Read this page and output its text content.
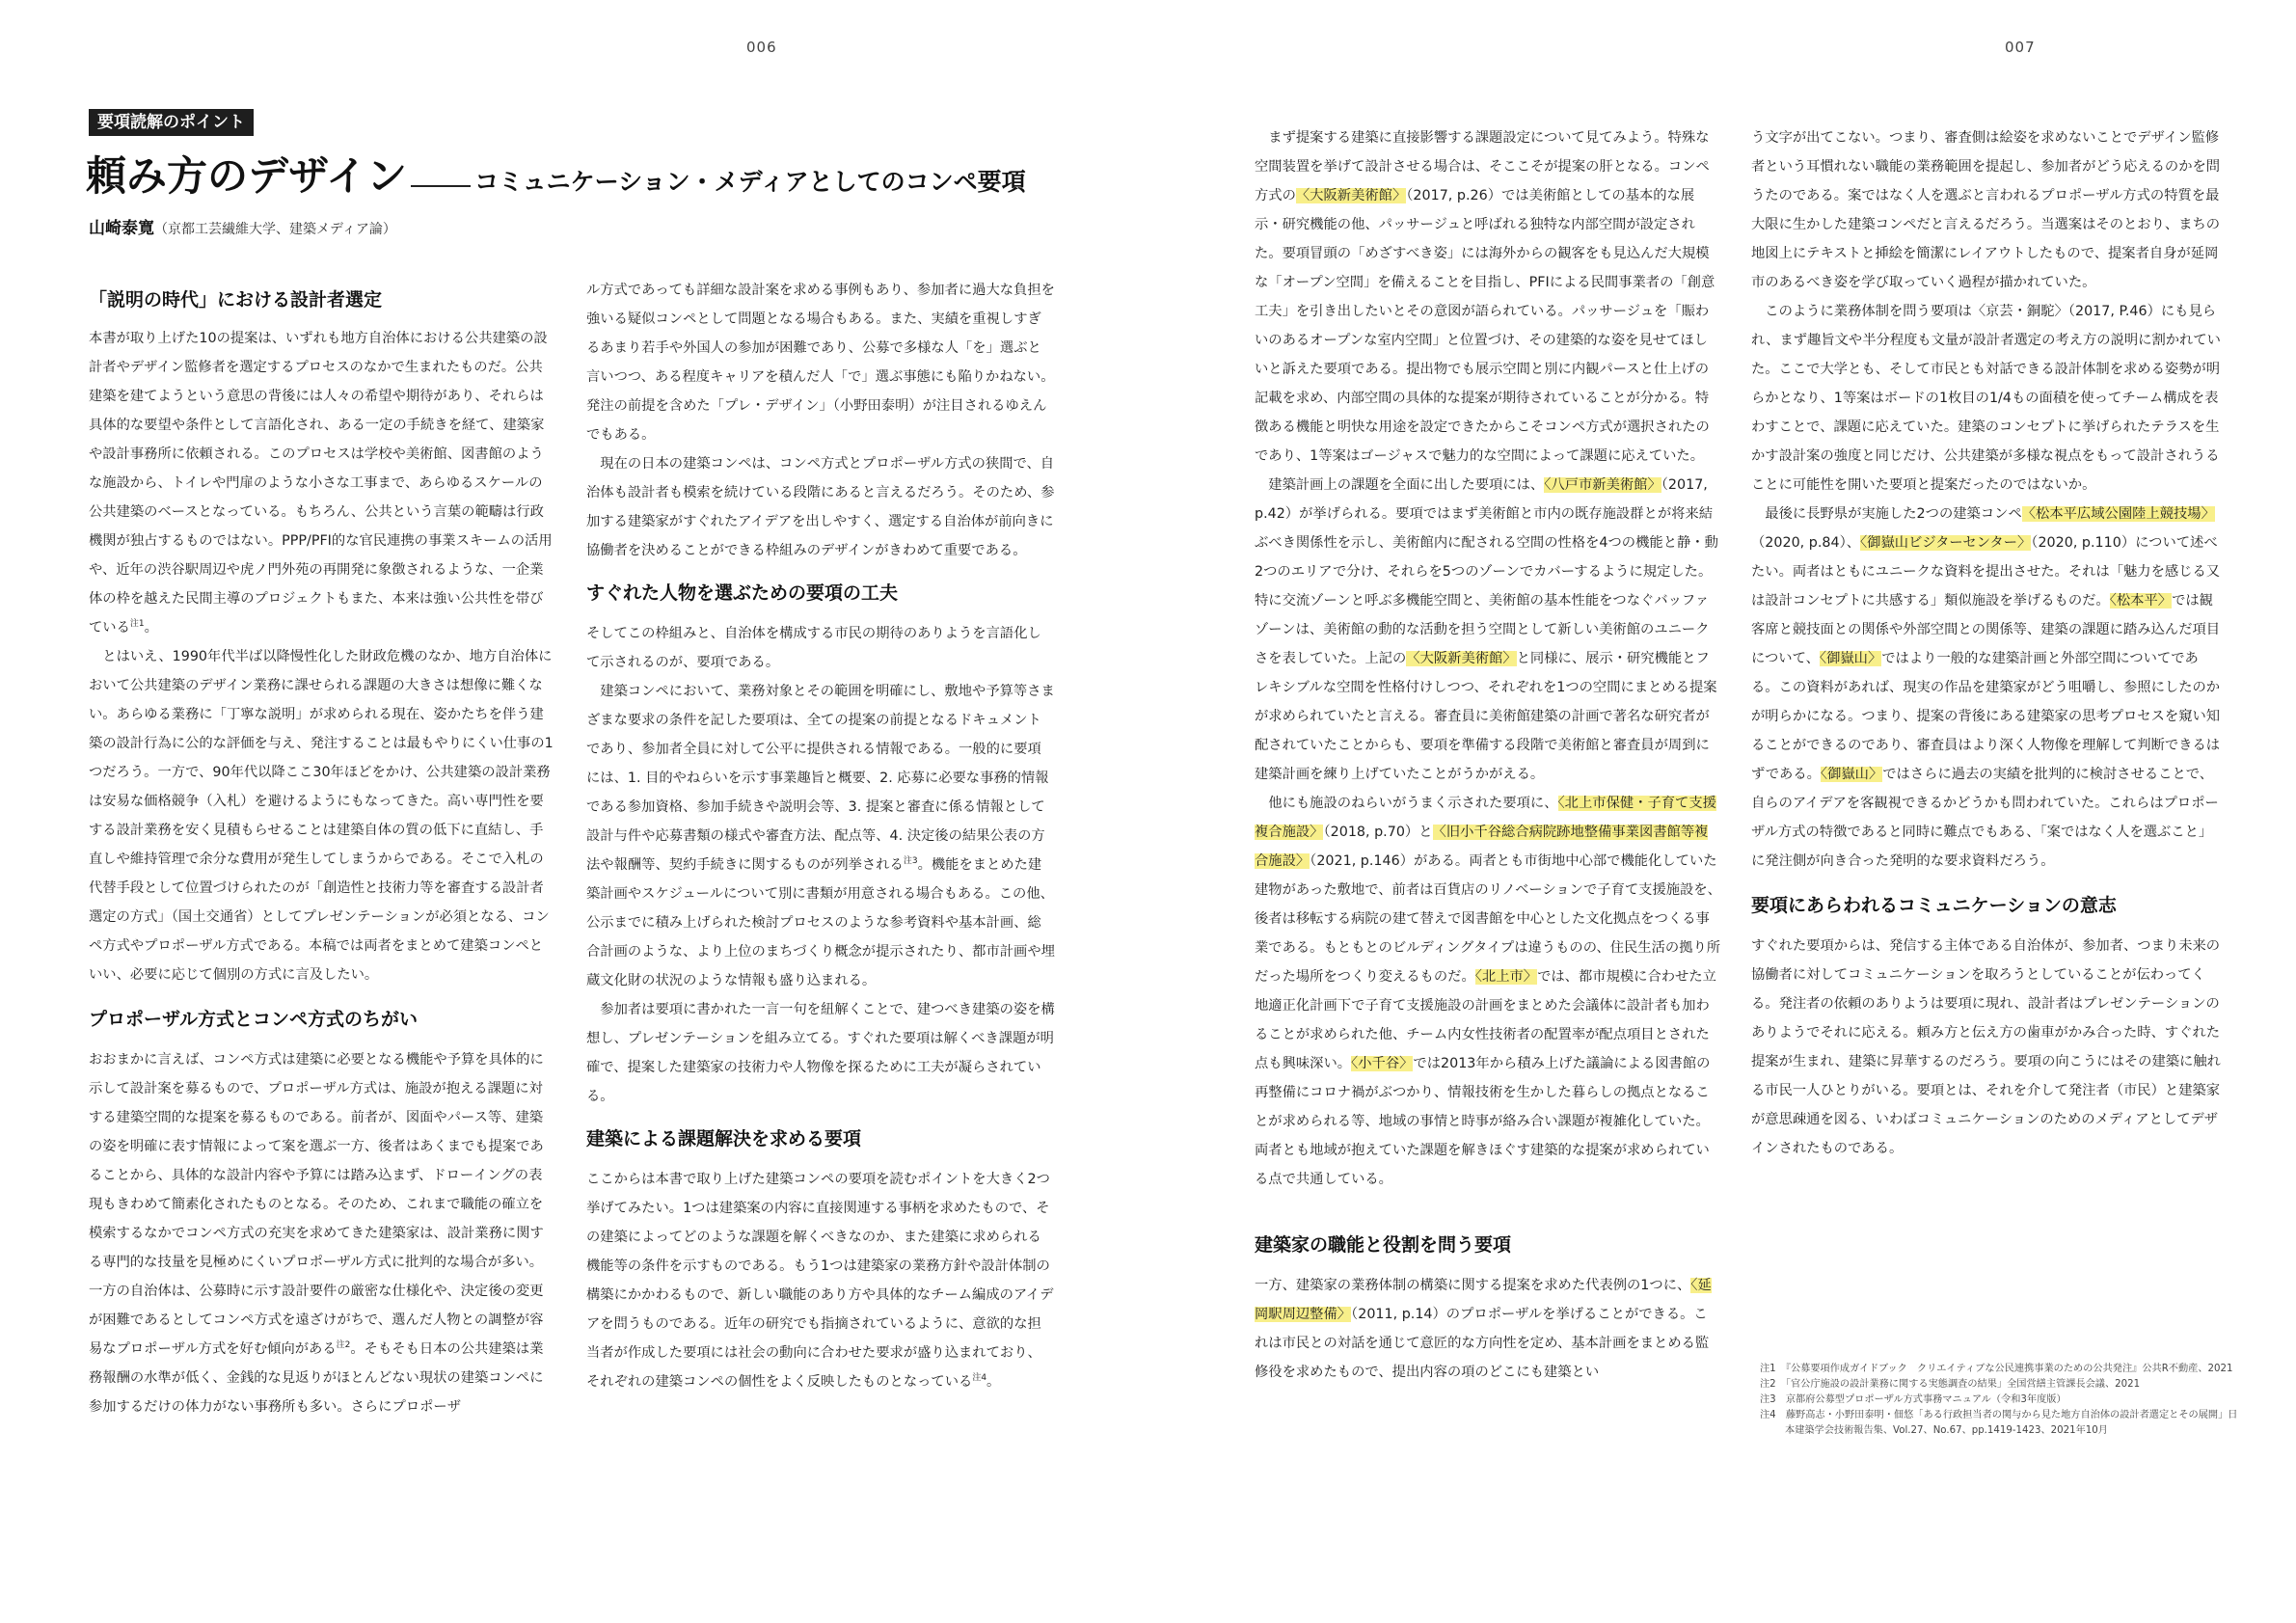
006
要項読解のポイント
頼み方のデザイン	コミュニケーション・メディアとしてのコンペ要項
山崎泰寛（京都工芸繊維大学、建築メディア論）
「説明の時代」における設計者選定

本書が取り上げた10の提案は、いずれも地方自治体における公共建築の設計者やデザイン監修者を選定するプロセスのなかで生まれたものだ。公共建築を建てようという意思の背後には人々の希望や期待があり、それらは具体的な要望や条件として言語化され、ある一定の手続きを経て、建築家や設計事務所に依頼される。このプロセスは学校や美術館、図書館のような施設から、トイレや門扉のような小さな工事まで、あらゆるスケールの公共建築のベースとなっている。もちろん、公共という言葉の範疇は行政機関が独占するものではない。PPP/PFI的な官民連携の事業スキームの活用や、近年の渋谷駅周辺や虎ノ門外苑の再開発に象徴されるような、一企業体の枠を越えた民間主導のプロジェクトもまた、本来は強い公共性を帯びている$^{注1}$。

とはいえ、1990年代半ば以降慢性化した財政危機のなか、地方自治体において公共建築のデザイン業務に課せられる課題の大きさは想像に難くない。あらゆる業務に「丁寧な説明」が求められる現在、姿かたちを伴う建築の設計行為に公的な評価を与え、発注することは最もやりにくい仕事の1つだろう。一方で、90年代以降ここ30年ほどをかけ、公共建築の設計業務は安易な価格競争（入札）を避けるようにもなってきた。高い専門性を要する設計業務を安く見積もらせることは建築自体の質の低下に直結し、手直しや維持管理で余分な費用が発生してしまうからである。そこで入札の代替手段として位置づけられたのが「創造性と技術力等を審査する設計者選定の方式」（国土交通省）としてプレゼンテーションが必須となる、コンペ方式やプロポーザル方式である。本稿では両者をまとめて建築コンペといい、必要に応じて個別の方式に言及したい。

プロポーザル方式とコンペ方式のちがい

おおまかに言えば、コンペ方式は建築に必要となる機能や予算を具体的に示して設計案を募るもので、プロポーザル方式は、施設が抱える課題に対する建築空間的な提案を募るものである。前者が、図面やパース等、建築の姿を明確に表す情報によって案を選ぶ一方、後者はあくまでも提案であることから、具体的な設計内容や予算には踏み込まず、ドローイングの表現もきわめて簡素化されたものとなる。そのため、これまで職能の確立を模索するなかでコンペ方式の充実を求めてきた建築家は、設計業務に関する専門的な技量を見極めにくいプロポーザル方式に批判的な場合が多い。一方の自治体は、公募時に示す設計要件の厳密な仕様化や、決定後の変更が困難であるとしてコンペ方式を遠ざけがちで、選んだ人物との調整が容易なプロポーザル方式を好む傾向がある$^{注2}$。そもそも日本の公共建築は業務報酬の水準が低く、金銭的な見返りがほとんどない現状の建築コンペに参加するだけの体力がない事務所も多い。さらにプロポーザ

ル方式であっても詳細な設計案を求める事例もあり、参加者に過大な負担を強いる疑似コンペとして問題となる場合もある。また、実績を重視しすぎるあまり若手や外国人の参加が困難であり、公募で多様な人「を」選ぶと言いつつ、ある程度キャリアを積んだ人「で」選ぶ事態にも陥りかねない。発注の前提を含めた「プレ・デザイン」（小野田泰明）が注目されるゆえんでもある。

現在の日本の建築コンペは、コンペ方式とプロポーザル方式の狭間で、自治体も設計者も模索を続けている段階にあると言えるだろう。そのため、参加する建築家がすぐれたアイデアを出しやすく、選定する自治体が前向きに協働者を決めることができる枠組みのデザインがきわめて重要である。

すぐれた人物を選ぶための要項の工夫

そしてこの枠組みと、自治体を構成する市民の期待のありようを言語化して示されるのが、要項である。

建築コンペにおいて、業務対象とその範囲を明確にし、敷地や予算等さまざまな要求の条件を記した要項は、全ての提案の前提となるドキュメントであり、参加者全員に対して公平に提供される情報である。一般的に要項には、1. 目的やねらいを示す事業趣旨と概要、2. 応募に必要な事務的情報である参加資格、参加手続きや説明会等、3. 提案と審査に係る情報として設計与件や応募書類の様式や審査方法、配点等、4. 決定後の結果公表の方法や報酬等、契約手続きに関するものが列挙される$^{注3}$。機能をまとめた建築計画やスケジュールについて別に書類が用意される場合もある。この他、公示までに積み上げられた検討プロセスのような参考資料や基本計画、総合計画のような、より上位のまちづくり概念が提示されたり、都市計画や埋蔵文化財の状況のような情報も盛り込まれる。

参加者は要項に書かれた一言一句を紐解くことで、建つべき建築の姿を構想し、プレゼンテーションを組み立てる。すぐれた要項は解くべき課題が明確で、提案した建築家の技術力や人物像を探るために工夫が凝らされている。

建築による課題解決を求める要項

ここからは本書で取り上げた建築コンペの要項を読むポイントを大きく2つ挙げてみたい。1つは建築案の内容に直接関連する事柄を求めたもので、その建築によってどのような課題を解くべきなのか、また建築に求められる機能等の条件を示すものである。もう1つは建築家の業務方針や設計体制の構築にかかわるもので、新しい職能のあり方や具体的なチーム編成のアイデアを問うものである。近年の研究でも指摘されているように、意欲的な担当者が作成した要項には社会の動向に合わせた要求が盛り込まれており、それぞれの建築コンペの個性をよく反映したものとなっている$^{注4}$。

007

まず提案する建築に直接影響する課題設定について見てみよう。特殊な空間装置を挙げて設計させる場合は、そここそが提案の肝となる。コンペ方式の〈大阪新美術館〉（2017, p.26）では美術館としての基本的な展示・研究機能の他、パッサージュと呼ばれる独特な内部空間が設定された。要項冒頭の「めざすべき姿」には海外からの観客をも見込んだ大規模な「オープン空間」を備えることを目指し、PFIによる民間事業者の「創意工夫」を引き出したいとその意図が語られている。パッサージュを「賑わいのあるオープンな室内空間」と位置づけ、その建築的な姿を見せてほしいと訴えた要項である。提出物でも展示空間と別に内観パースと仕上げの記載を求め、内部空間の具体的な提案が期待されていることが分かる。特徴ある機能と明快な用途を設定できたからこそコンペ方式が選択されたのであり、1等案はゴージャスで魅力的な空間によって課題に応えていた。

建築計画上の課題を全面に出した要項には、〈八戸市新美術館〉（2017, p.42）が挙げられる。要項ではまず美術館と市内の既存施設群とが将来結ぶべき関係性を示し、美術館内に配される空間の性格を4つの機能と静・動2つのエリアで分け、それらを5つのゾーンでカバーするように規定した。特に交流ゾーンと呼ぶ多機能空間と、美術館の基本性能をつなぐバッファゾーンは、美術館の動的な活動を担う空間として新しい美術館のユニークさを表していた。上記の〈大阪新美術館〉と同様に、展示・研究機能とフレキシブルな空間を性格付けしつつ、それぞれを1つの空間にまとめる提案が求められていたと言える。審査員に美術館建築の計画で著名な研究者が配されていたことからも、要項を準備する段階で美術館と審査員が周到に建築計画を練り上げていたことがうかがえる。

他にも施設のねらいがうまく示された要項に、〈北上市保健・子育て支援複合施設〉（2018, p.70）と〈旧小千谷総合病院跡地整備事業図書館等複合施設〉（2021, p.146）がある。両者とも市街地中心部で機能化していた建物があった敷地で、前者は百貨店のリノベーションで子育て支援施設を、後者は移転する病院の建て替えで図書館を中心とした文化拠点をつくる事業である。もともとのビルディングタイプは違うものの、住民生活の拠り所だった場所をつくり変えるものだ。〈北上市〉では、都市規模に合わせた立地適正化計画下で子育て支援施設の計画をまとめた会議体に設計者も加わることが求められた他、チーム内女性技術者の配置率が配点項目とされた点も興味深い。〈小千谷〉では2013年から積み上げた議論による図書館の再整備にコロナ禍がぶつかり、情報技術を生かした暮らしの拠点となることが求められる等、地域の事情と時事が絡み合い課題が複雑化していた。両者とも地域が抱えていた課題を解きほぐす建築的な提案が求められている点で共通している。

建築家の職能と役割を問う要項

一方、建築家の業務体制の構築に関する提案を求めた代表例の1つに、〈延岡駅周辺整備〉（2011, p.14）のプロポーザルを挙げることができる。これは市民との対話を通じて意匠的な方向性を定め、基本計画をまとめる監修役を求めたもので、提出内容の項のどこにも建築とい

う文字が出てこない。つまり、審査側は絵姿を求めないことでデザイン監修者という耳慣れない職能の業務範囲を提起し、参加者がどう応えるのかを問うたのである。案ではなく人を選ぶと言われるプロポーザル方式の特質を最大限に生かした建築コンペだと言えるだろう。当選案はそのとおり、まちの地図上にテキストと挿絵を簡潔にレイアウトしたもので、提案者自身が延岡市のあるべき姿を学び取っていく過程が描かれていた。

このように業務体制を問う要項は〈京芸・銅駝〉（2017, P.46）にも見られ、まず趣旨文や半分程度も文量が設計者選定の考え方の説明に割かれていた。ここで大学とも、そして市民とも対話できる設計体制を求める姿勢が明らかとなり、1等案はボードの1枚目の1/4もの面積を使ってチーム構成を表わすことで、課題に応えていた。建築のコンセプトに挙げられたテラスを生かす設計案の強度と同じだけ、公共建築が多様な視点をもって設計されうることに可能性を開いた要項と提案だったのではないか。

最後に長野県が実施した2つの建築コンペ〈松本平広域公園陸上競技場〉（2020, p.84）、〈御嶽山ビジターセンター〉（2020, p.110）について述べたい。両者はともにユニークな資料を提出させた。それは「魅力を感じる又は設計コンセプトに共感する」類似施設を挙げるものだ。〈松本平〉では観客席と競技面との関係や外部空間との関係等、建築の課題に踏み込んだ項目について、〈御嶽山〉ではより一般的な建築計画と外部空間についてである。この資料があれば、現実の作品を建築家がどう咀嚼し、参照にしたのかが明らかになる。つまり、提案の背後にある建築家の思考プロセスを窺い知ることができるのであり、審査員はより深く人物像を理解して判断できるはずである。〈御嶽山〉ではさらに過去の実績を批判的に検討させることで、自らのアイデアを客観視できるかどうかも問われていた。これらはプロポーザル方式の特徴であると同時に難点でもある、「案ではなく人を選ぶこと」に発注側が向き合った発明的な要求資料だろう。

要項にあらわれるコミュニケーションの意志

すぐれた要項からは、発信する主体である自治体が、参加者、つまり未来の協働者に対してコミュニケーションを取ろうとしていることが伝わってくる。発注者の依頼のありようは要項に現れ、設計者はプレゼンテーションのありようでそれに応える。頼み方と伝え方の歯車がかみ合った時、すぐれた提案が生まれ、建築に昇華するのだろう。要項の向こうにはその建築に触れる市民一人ひとりがいる。要項とは、それを介して発注者（市民）と建築家が意思疎通を図る、いわばコミュニケーションのためのメディアとしてデザインされたものである。

注1　『公募要項作成ガイドブック　クリエイティブな公民連携事業のための公共発注』公共R不動産、2021
注2　「官公庁施設の設計業務に関する実態調査の結果」全国営繕主管課長会議、2021
注3　京都府公募型プロポーザル方式事務マニュアル（令和3年度版）
注4　藤野高志・小野田泰明・佃悠「ある行政担当者の関与から見た地方自治体の設計者選定とその展開」日本建築学会技術報告集、Vol.27、No.67、pp.1419-1423、2021年10月
